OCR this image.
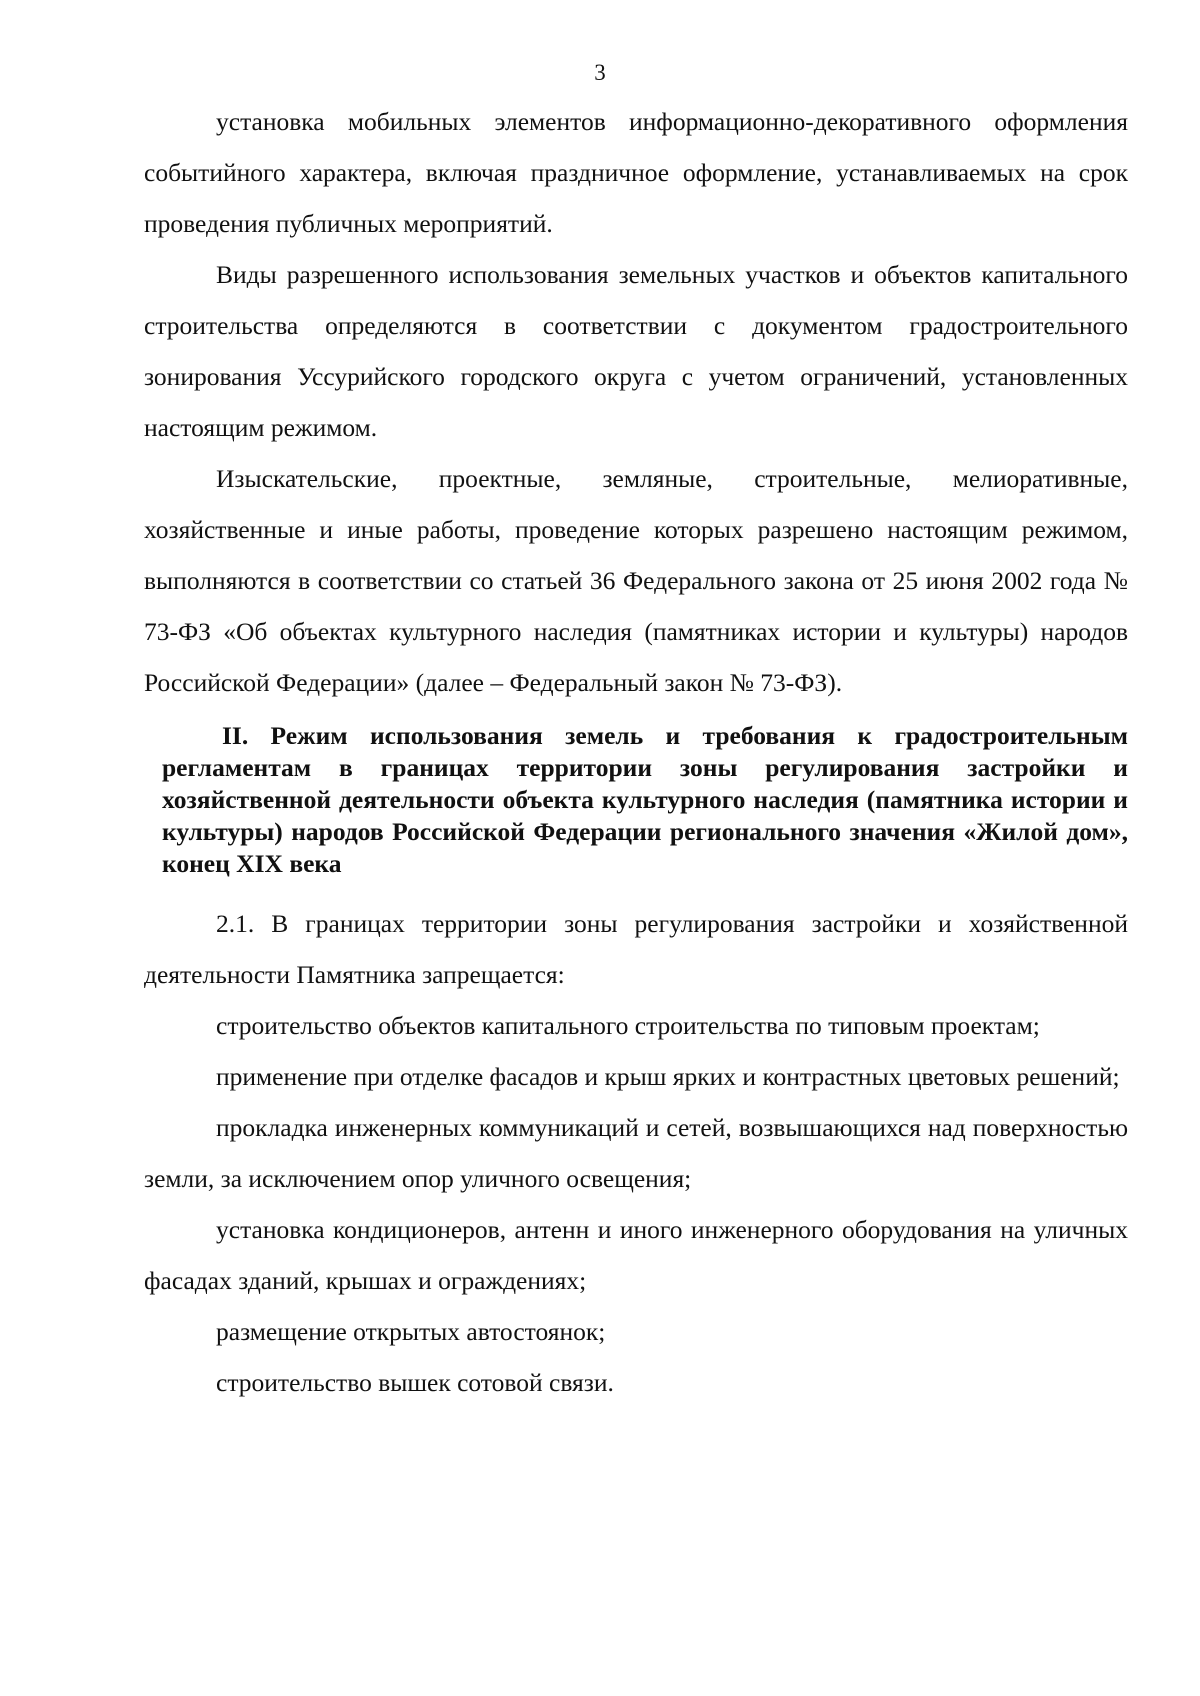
3

установка мобильных элементов информационно-декоративного оформления событийного характера, включая праздничное оформление, устанавливаемых на срок проведения публичных мероприятий.

Виды разрешенного использования земельных участков и объектов капитального строительства определяются в соответствии с документом градостроительного зонирования Уссурийского городского округа с учетом ограничений, установленных настоящим режимом.

Изыскательские, проектные, земляные, строительные, мелиоративные, хозяйственные и иные работы, проведение которых разрешено настоящим режимом, выполняются в соответствии со статьей 36 Федерального закона от 25 июня 2002 года № 73-ФЗ «Об объектах культурного наследия (памятниках истории и культуры) народов Российской Федерации» (далее – Федеральный закон № 73-ФЗ).

II. Режим использования земель и требования к градостроительным регламентам в границах территории зоны регулирования застройки и хозяйственной деятельности объекта культурного наследия (памятника истории и культуры) народов Российской Федерации регионального значения «Жилой дом», конец XIX века

2.1. В границах территории зоны регулирования застройки и хозяйственной деятельности Памятника запрещается:

строительство объектов капитального строительства по типовым проектам;
применение при отделке фасадов и крыш ярких и контрастных цветовых решений;
прокладка инженерных коммуникаций и сетей, возвышающихся над поверхностью земли, за исключением опор уличного освещения;
установка кондиционеров, антенн и иного инженерного оборудования на уличных фасадах зданий, крышах и ограждениях;
размещение открытых автостоянок;
строительство вышек сотовой связи.
